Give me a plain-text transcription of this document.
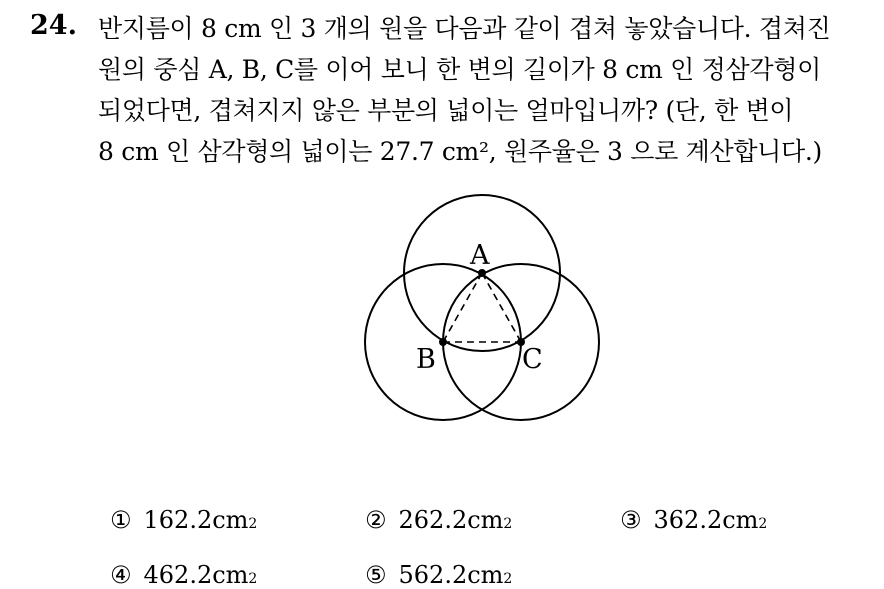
24. 반지름이 8 cm 인 3 개의 원을 다음과 같이 겹쳐 놓았습니다. 겹쳐진
원의 중심 A, B, C를 이어 보니 한 변의 길이가 8 cm 인 정삼각형이
되었다면, 겹쳐지지 않은 부분의 넓이는 얼마입니까? (단, 한 변이
8 cm 인 삼각형의 넓이는 27.7 cm², 원주율은 3 으로 계산합니다.)
A
B	C
① 162.2cm 2	② 262.2cm 2	③ 362.2cm 2
④ 462.2cm 2	⑤ 562.2cm 2
